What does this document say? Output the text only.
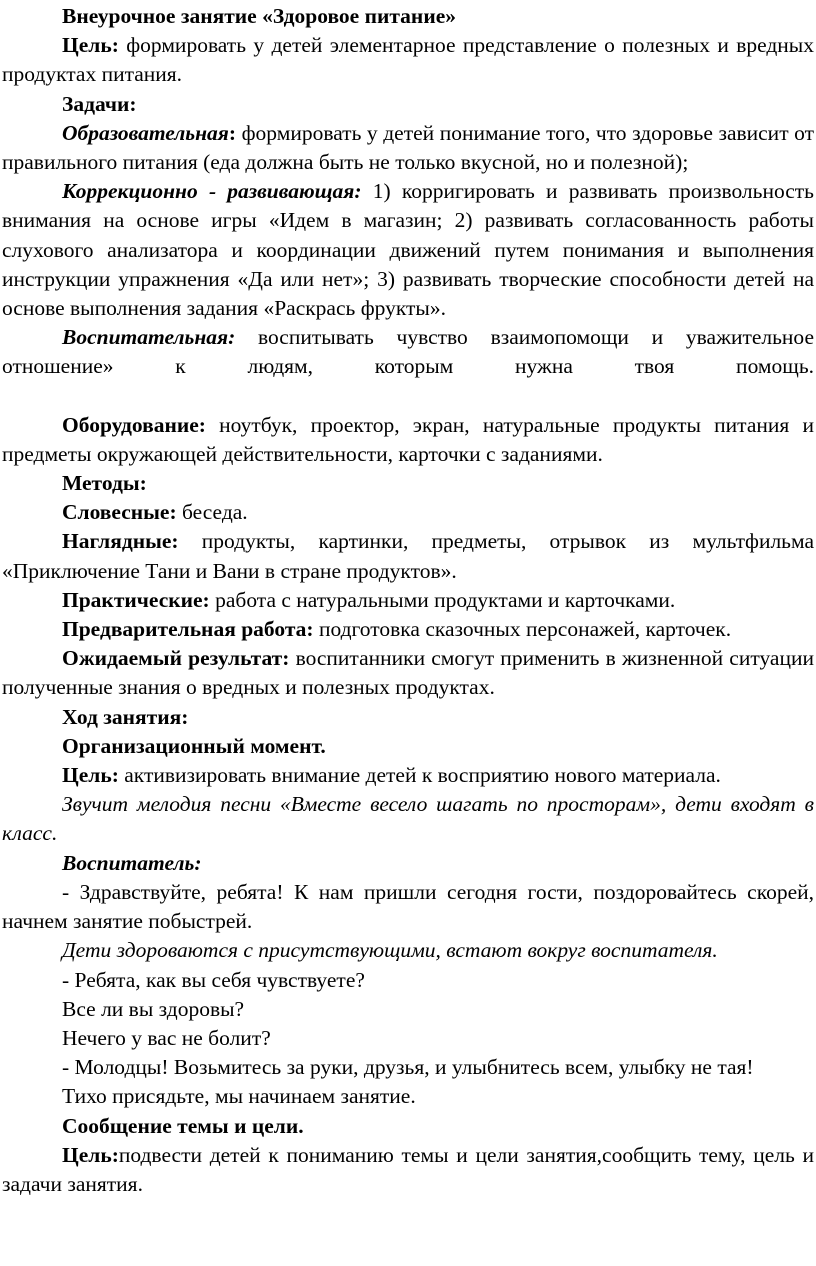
Внеурочное занятие «Здоровое питание»

Цель: формировать у детей элементарное представление о полезных и вредных продуктах питания.

Задачи:

Образовательная: формировать у детей понимание того, что здоровье зависит от правильного питания (еда должна быть не только вкусной, но и полезной);

Коррекционно - развивающая: 1) корригировать и развивать произвольность внимания на основе игры «Идем в магазин; 2) развивать согласованность работы слухового анализатора и координации движений путем понимания и выполнения инструкции упражнения «Да или нет»; 3) развивать творческие способности детей на основе выполнения задания «Раскрась фрукты».

Воспитательная: воспитывать чувство взаимопомощи и уважительное отношение» к людям, которым нужна твоя помощь.

Оборудование: ноутбук, проектор, экран, натуральные продукты питания и предметы окружающей действительности, карточки с заданиями.

Методы:

Словесные: беседа.

Наглядные: продукты, картинки, предметы, отрывок из мультфильма «Приключение Тани и Вани в стране продуктов».

Практические: работа с натуральными продуктами и карточками.

Предварительная работа: подготовка сказочных персонажей, карточек.

Ожидаемый результат: воспитанники смогут применить в жизненной ситуации полученные знания о вредных и полезных продуктах.

Ход занятия:

Организационный момент.

Цель: активизировать внимание детей к восприятию нового материала.

Звучит мелодия песни «Вместе весело шагать по просторам», дети входят в класс.

Воспитатель:

- Здравствуйте, ребята! К нам пришли сегодня гости, поздоровайтесь скорей, начнем занятие побыстрей.

Дети здороваются с присутствующими, встают вокруг воспитателя.

- Ребята, как вы себя чувствуете?

Все ли вы здоровы?

Нечего у вас не болит?

- Молодцы! Возьмитесь за руки, друзья, и улыбнитесь всем, улыбку не тая!

Тихо присядьте, мы начинаем занятие.

Сообщение темы и цели.

Цель:подвести детей к пониманию темы и цели занятия,сообщить тему, цель и задачи занятия.
